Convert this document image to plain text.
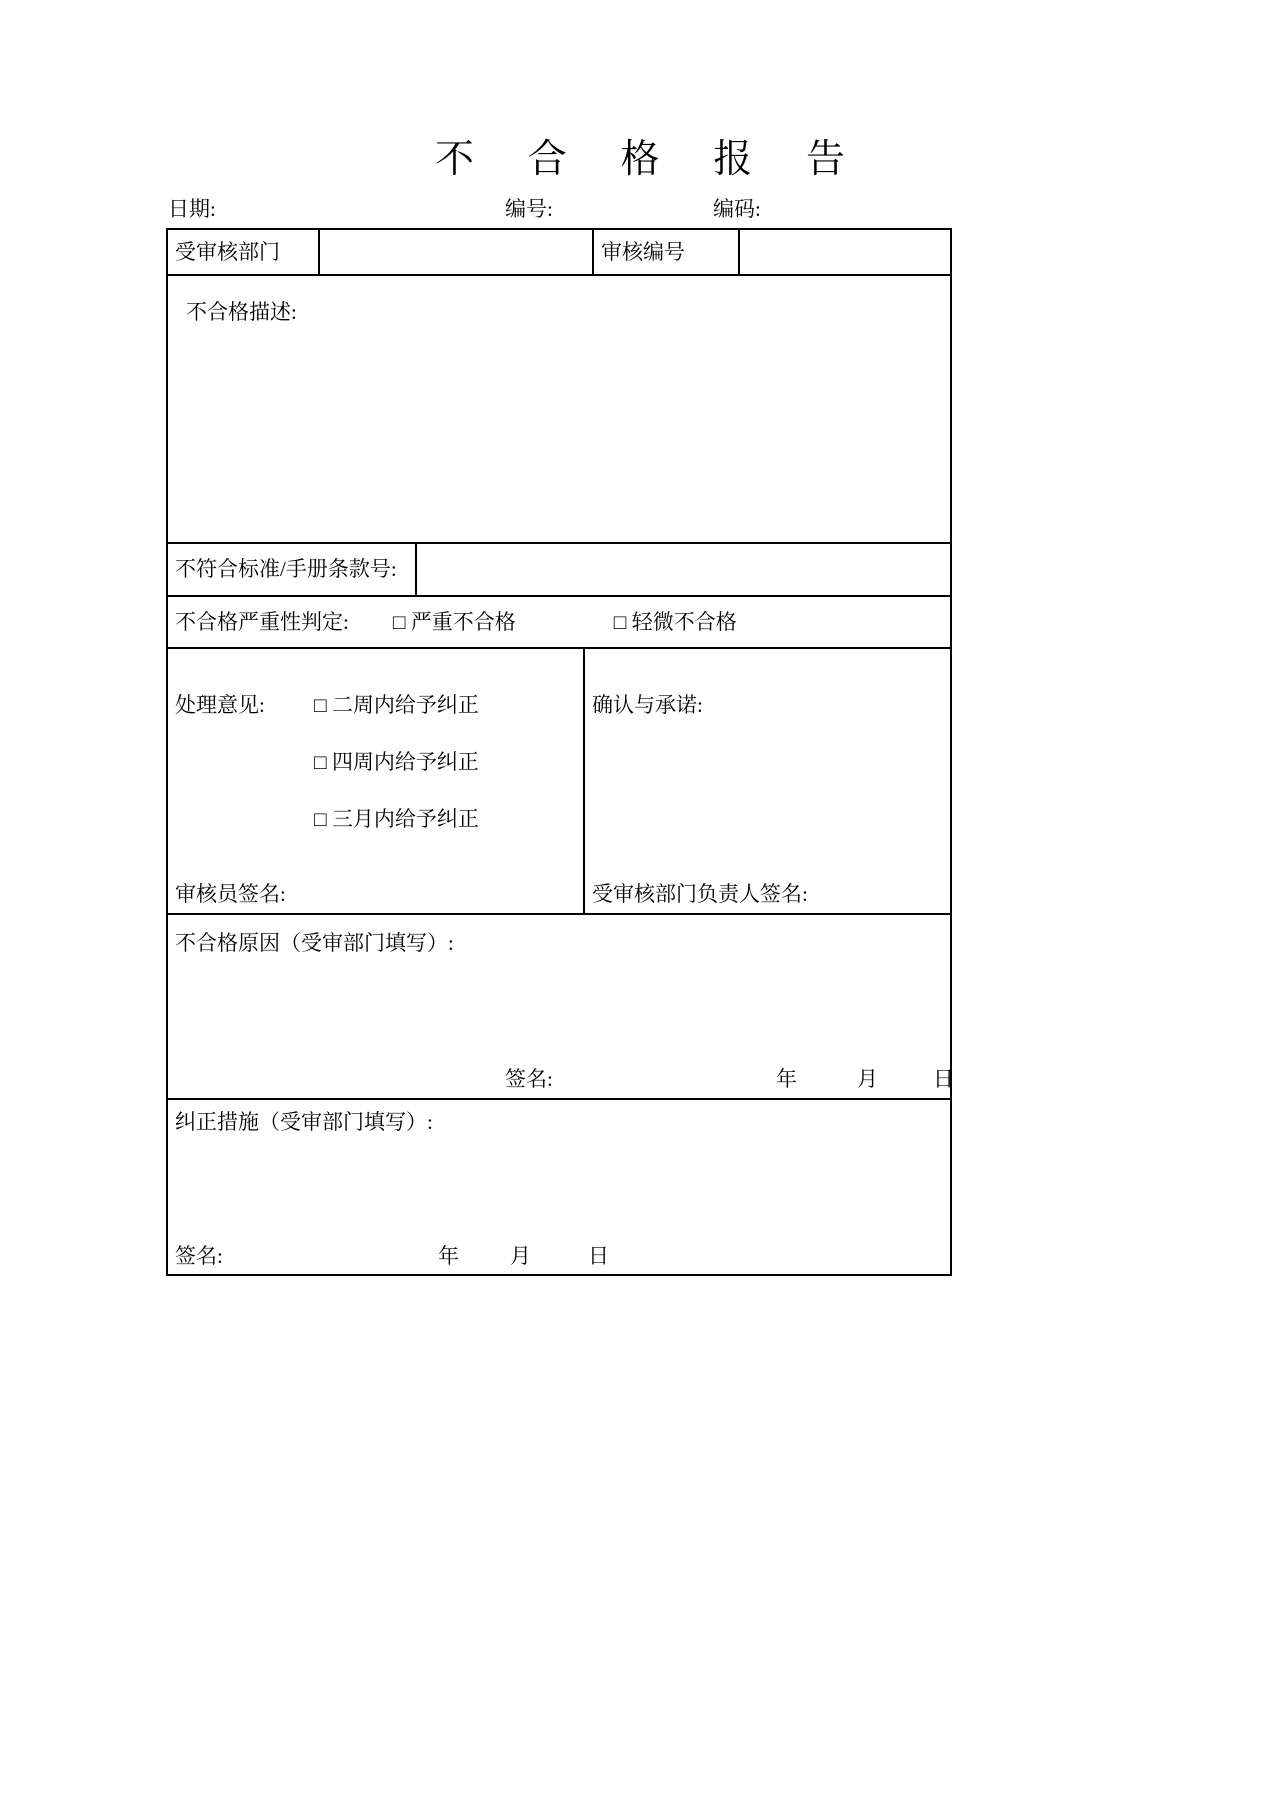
不 合 格 报 告
日期:	编号:	编码:
受审核部门	审核编号
不合格描述:
不符合标准/手册条款号:
不合格严重性判定: □ 严重不合格	□ 轻微不合格
处理意见: □ 二周内给予纠正
□ 四周内给予纠正
□ 三月内给予纠正
审核员签名:
确认与承诺:
受审核部门负责人签名:
不合格原因（受审部门填写）:
签名:	年	月	日
纠正措施（受审部门填写）:
签名:	年 月	日
